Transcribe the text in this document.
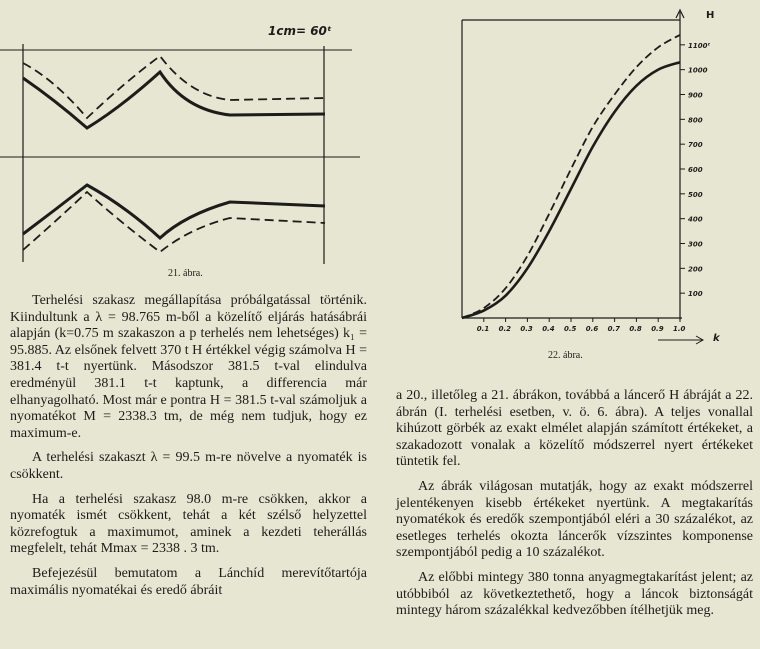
1cm= 60ᵗ
21. ábra.
1100ᵗ
1000
900
800
700
600
500
400
300
200
100
0.1 0.2 0.3 0.4 0.5 0.6 0.7 0.8 0.9 1.0
H
k
22. ábra.

Terhelési szakasz megállapítása próbálgatással történik. Kiindultunk a λ = 98.765 m-ből a közelítő eljárás hatásábrái alapján (k=0.75 m szakaszon a p terhelés nem lehetséges) k₁ = 95.885. Az elsőnek felvett 370 t H értékkel végig számolva H = 381.4 t-t nyertünk. Másodszor 381.5 t-val elindulva eredményül 381.1 t-t kaptunk, a differencia már elhanyagolható. Most már e pontra H = 381.5 t-val számoljuk a nyomatékot M = 2338.3 tm, de még nem tudjuk, hogy ez maximum-e.

A terhelési szakaszt λ = 99.5 m-re növelve a nyomaték is csökkent.

Ha a terhelési szakasz 98.0 m-re csökken, akkor a nyomaték ismét csökkent, tehát a két szélső helyzettel közrefogtuk a maximumot, aminek a kezdeti teherállás megfelelt, tehát Mmax = 2338 . 3 tm.

Befejezésül bemutatom a Lánchíd merevítőtartója maximális nyomatékai és eredő ábráit

a 20., illetőleg a 21. ábrákon, továbbá a láncerő H ábráját a 22. ábrán (I. terhelési esetben, v. ö. 6. ábra). A teljes vonallal kihúzott görbék az exakt elmélet alapján számított értékeket, a szakadozott vonalak a közelítő módszerrel nyert értékeket tüntetik fel.

Az ábrák világosan mutatják, hogy az exakt módszerrel jelentékenyen kisebb értékeket nyertünk. A megtakarítás nyomatékok és eredők szempontjából eléri a 30 százalékot, az esetleges terhelés okozta láncerők vízszintes komponense szempontjából pedig a 10 százalékot.

Az előbbi mintegy 380 tonna anyagmegtakarítást jelent; az utóbbiból az következtethető, hogy a láncok biztonságát mintegy három százalékkal kedvezőbben ítélhetjük meg.
